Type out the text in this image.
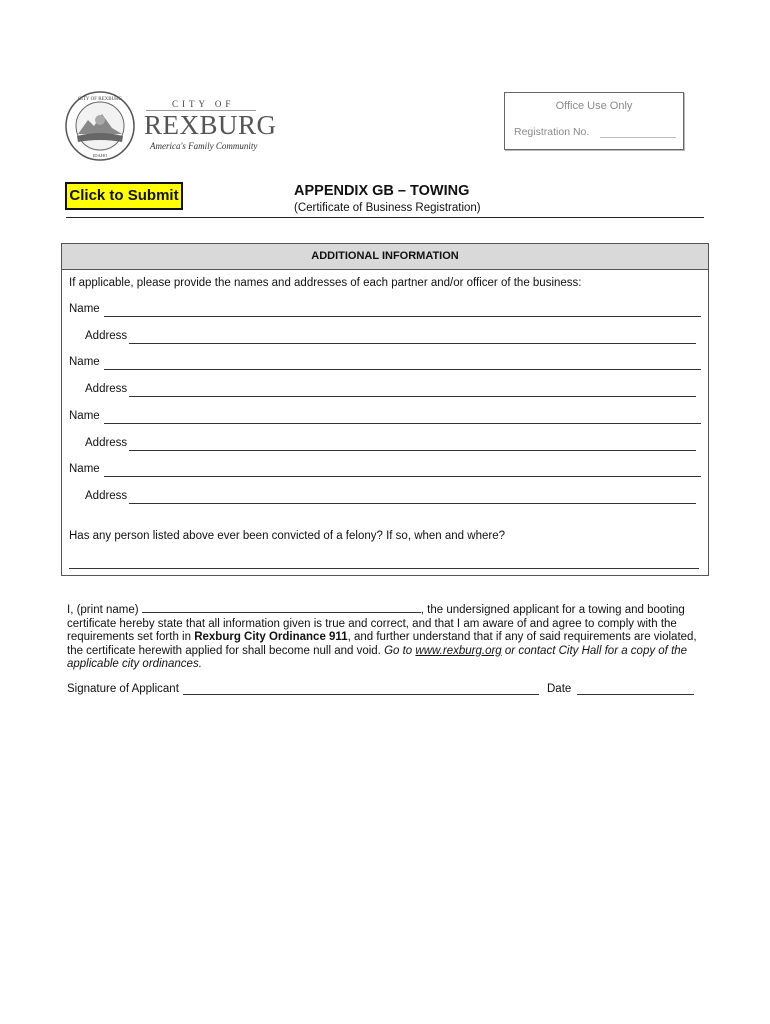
CITY OF REXBURG
IDAHO
CITY OF
REXBURG
America's Family Community
Office Use Only
Registration No.
Click to Submit	APPENDIX GB – TOWING
(Certificate of Business Registration)
ADDITIONAL INFORMATION
If applicable, please provide the names and addresses of each partner and/or officer of the business:
Name
Address
Name
Address
Name
Address
Name
Address
Has any person listed above ever been convicted of a felony? If so, when and where?
I, (print name)	, the undersigned applicant for a towing and booting certificate hereby state that all information given is true and correct, and that I am aware of and agree to comply with the requirements set forth in Rexburg City Ordinance 911, and further understand that if any of said requirements are violated, the certificate herewith applied for shall become null and void. Go to www.rexburg.org or contact City Hall for a copy of the applicable city ordinances.
Signature of Applicant	Date
